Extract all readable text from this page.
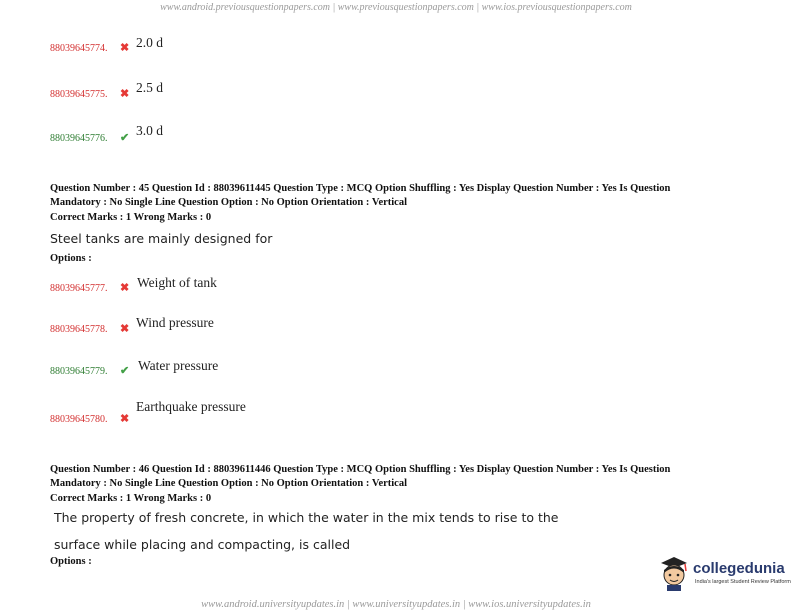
www.android.previousquestionpapers.com | www.previousquestionpapers.com | www.ios.previousquestionpapers.com
88039645774. ✖ 2.0 d
88039645775. ✖ 2.5 d
88039645776. ✔ 3.0 d
Question Number : 45 Question Id : 88039611445 Question Type : MCQ Option Shuffling : Yes Display Question Number : Yes Is Question
Mandatory : No Single Line Question Option : No Option Orientation : Vertical
Correct Marks : 1 Wrong Marks : 0
Steel tanks are mainly designed for
Options :
88039645777. ✖ Weight of tank
88039645778. ✖ Wind pressure
88039645779. ✔ Water pressure
88039645780. ✖
Earthquake pressure
Question Number : 46 Question Id : 88039611446 Question Type : MCQ Option Shuffling : Yes Display Question Number : Yes Is Question
Mandatory : No Single Line Question Option : No Option Orientation : Vertical
Correct Marks : 1 Wrong Marks : 0
The property of fresh concrete, in which the water in the mix tends to rise to the
surface while placing and compacting, is called
Options :	collegedunia
India's largest Student Review Platform
www.android.universityupdates.in | www.universityupdates.in | www.ios.universityupdates.in
